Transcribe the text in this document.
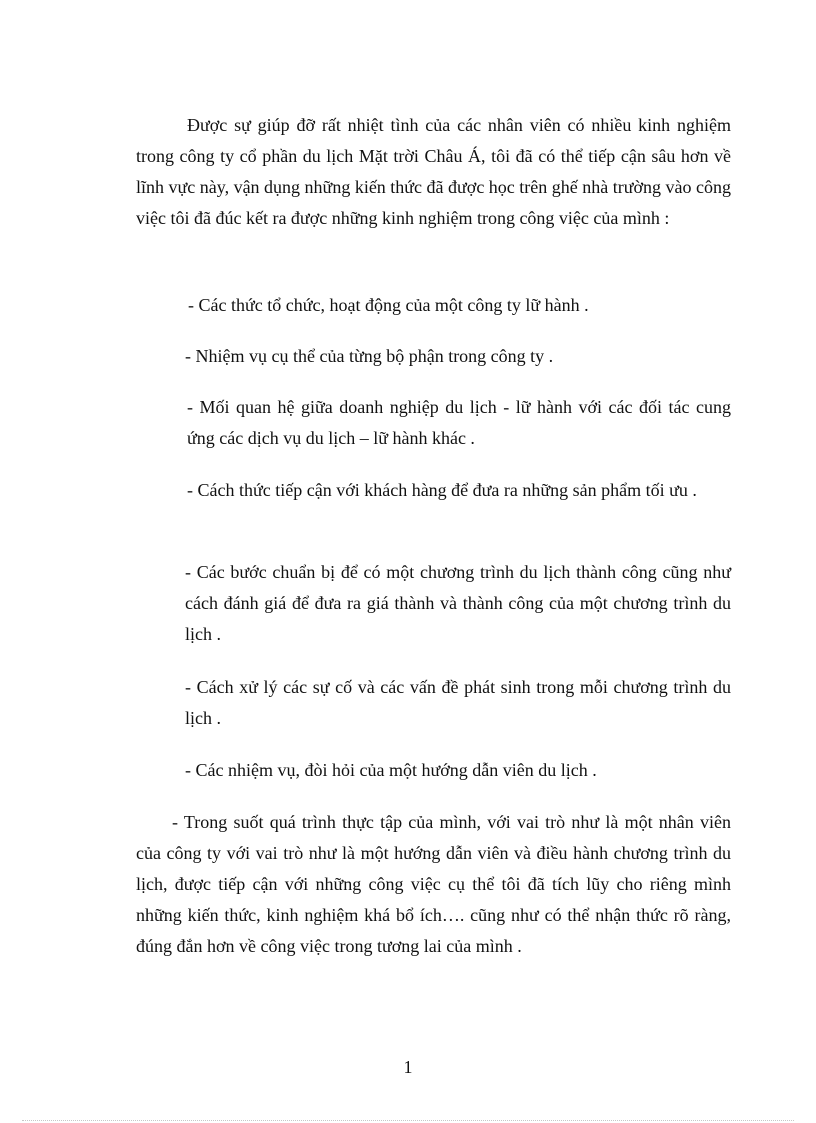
Được sự giúp đỡ rất nhiệt tình của các nhân viên có nhiều kinh nghiệm trong công ty cổ phần du lịch Mặt trời Châu Á, tôi đã có thể tiếp cận sâu hơn về lĩnh vực này, vận dụng những kiến thức đã được học trên ghế nhà trường vào công việc tôi đã đúc kết ra được những kinh nghiệm trong công việc của mình :

- Các thức tổ chức, hoạt động của một công ty lữ hành .

- Nhiệm vụ cụ thể của từng bộ phận trong công ty .

- Mối quan hệ giữa doanh nghiệp du lịch - lữ hành với các đối tác cung ứng các dịch vụ du lịch – lữ hành khác .

- Cách thức tiếp cận với khách hàng để đưa ra những sản phẩm tối ưu .

- Các bước chuẩn bị để có một chương trình du lịch thành công cũng như cách đánh giá để đưa ra giá thành và thành công của một chương trình du lịch .

- Cách xử lý các sự cố và các vấn đề phát sinh trong mỗi chương trình du lịch .

- Các nhiệm vụ, đòi hỏi của một hướng dẫn viên du lịch .

- Trong suốt quá trình thực tập của mình, với vai trò như là một nhân viên của công ty với vai trò như là một hướng dẫn viên và điều hành chương trình du lịch, được tiếp cận với những công việc cụ thể tôi đã tích lũy cho riêng mình những kiến thức, kinh nghiệm khá bổ ích…. cũng như có thể nhận thức rõ ràng, đúng đắn hơn về công việc trong tương lai của mình .

1
